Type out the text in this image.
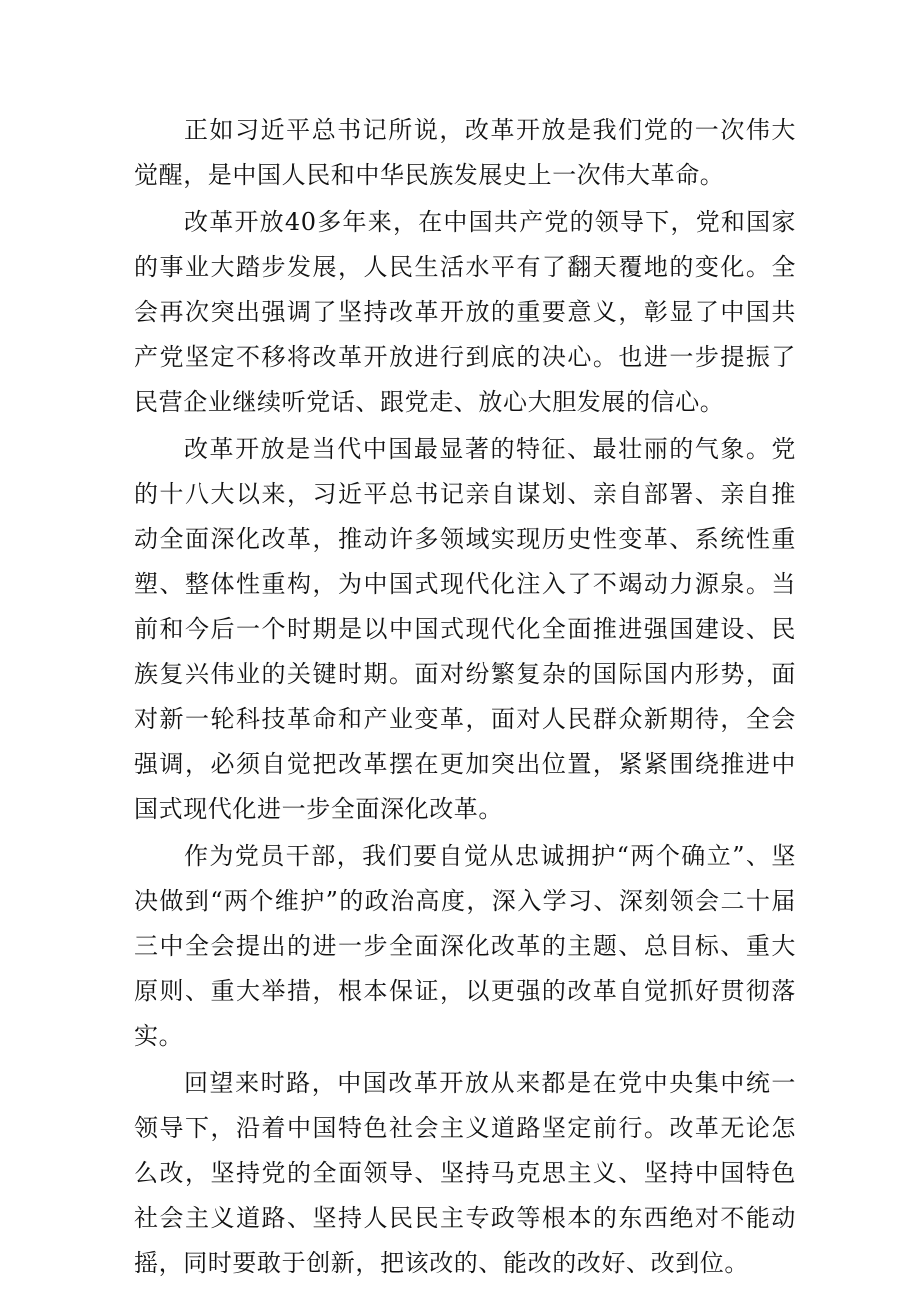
正如习近平总书记所说，改革开放是我们党的一次伟大觉醒，是中国人民和中华民族发展史上一次伟大革命。

改革开放40多年来，在中国共产党的领导下，党和国家的事业大踏步发展，人民生活水平有了翻天覆地的变化。全会再次突出强调了坚持改革开放的重要意义，彰显了中国共产党坚定不移将改革开放进行到底的决心。也进一步提振了民营企业继续听党话、跟党走、放心大胆发展的信心。

改革开放是当代中国最显著的特征、最壮丽的气象。党的十八大以来，习近平总书记亲自谋划、亲自部署、亲自推动全面深化改革，推动许多领域实现历史性变革、系统性重塑、整体性重构，为中国式现代化注入了不竭动力源泉。当前和今后一个时期是以中国式现代化全面推进强国建设、民族复兴伟业的关键时期。面对纷繁复杂的国际国内形势，面对新一轮科技革命和产业变革，面对人民群众新期待，全会强调，必须自觉把改革摆在更加突出位置，紧紧围绕推进中国式现代化进一步全面深化改革。

作为党员干部，我们要自觉从忠诚拥护“两个确立”、坚决做到“两个维护”的政治高度，深入学习、深刻领会二十届三中全会提出的进一步全面深化改革的主题、总目标、重大原则、重大举措，根本保证，以更强的改革自觉抓好贯彻落实。

回望来时路，中国改革开放从来都是在党中央集中统一领导下，沿着中国特色社会主义道路坚定前行。改革无论怎么改，坚持党的全面领导、坚持马克思主义、坚持中国特色社会主义道路、坚持人民民主专政等根本的东西绝对不能动摇，同时要敢于创新，把该改的、能改的改好、改到位。
